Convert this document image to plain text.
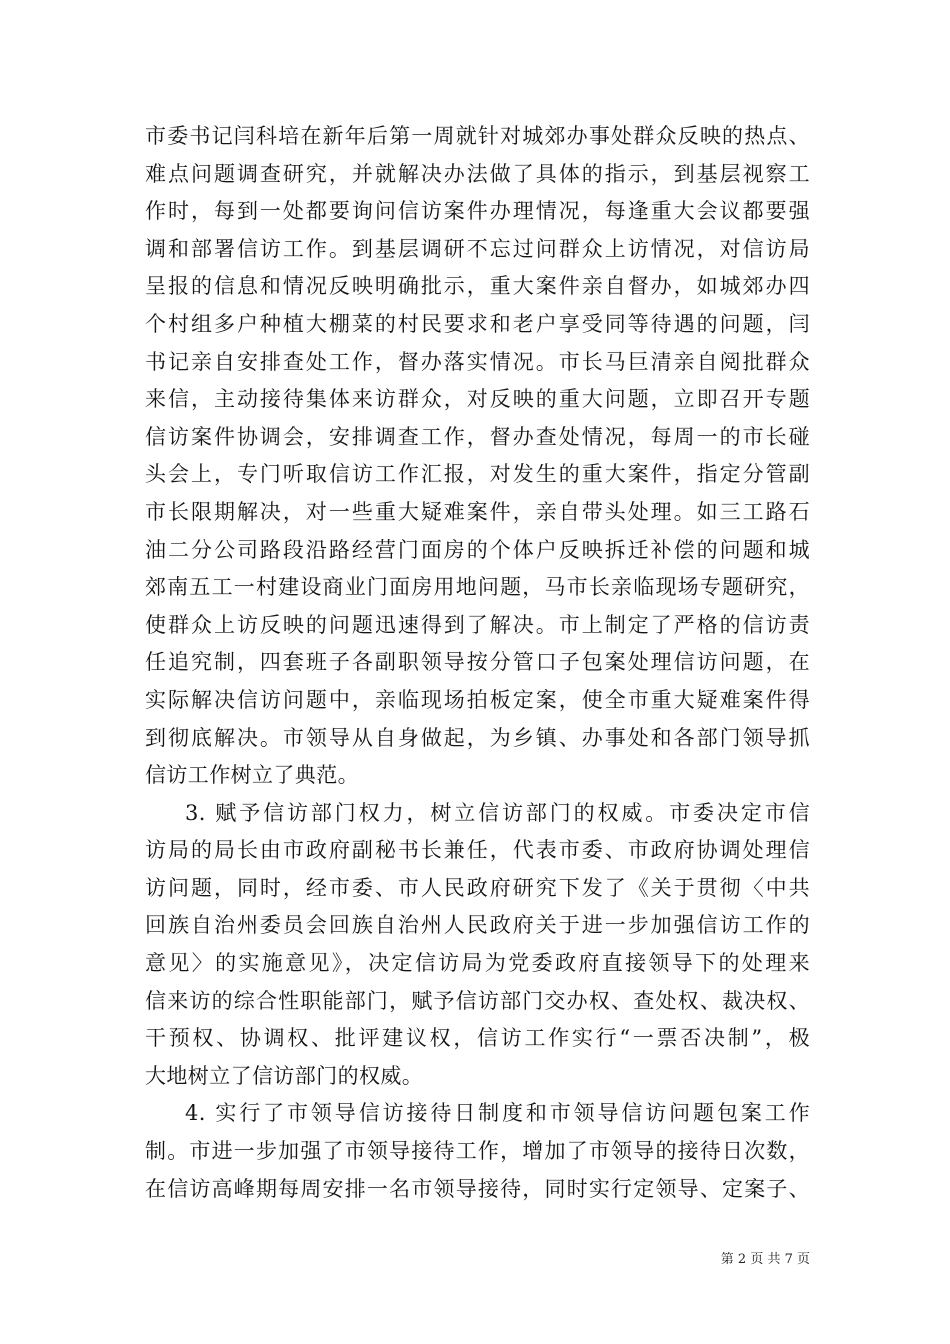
市委书记闫科培在新年后第一周就针对城郊办事处群众反映的热点、
难点问题调查研究，并就解决办法做了具体的指示，到基层视察工
作时，每到一处都要询问信访案件办理情况，每逢重大会议都要强
调和部署信访工作。到基层调研不忘过问群众上访情况，对信访局
呈报的信息和情况反映明确批示，重大案件亲自督办，如城郊办四
个村组多户种植大棚菜的村民要求和老户享受同等待遇的问题，闫
书记亲自安排查处工作，督办落实情况。市长马巨清亲自阅批群众
来信，主动接待集体来访群众，对反映的重大问题，立即召开专题
信访案件协调会，安排调查工作，督办查处情况，每周一的市长碰
头会上，专门听取信访工作汇报，对发生的重大案件，指定分管副
市长限期解决，对一些重大疑难案件，亲自带头处理。如三工路石
油二分公司路段沿路经营门面房的个体户反映拆迁补偿的问题和城
郊南五工一村建设商业门面房用地问题，马市长亲临现场专题研究，
使群众上访反映的问题迅速得到了解决。市上制定了严格的信访责
任追究制，四套班子各副职领导按分管口子包案处理信访问题，在
实际解决信访问题中，亲临现场拍板定案，使全市重大疑难案件得
到彻底解决。市领导从自身做起，为乡镇、办事处和各部门领导抓
信访工作树立了典范。
3. 赋予信访部门权力，树立信访部门的权威。市委决定市信
访局的局长由市政府副秘书长兼任，代表市委、市政府协调处理信
访问题，同时，经市委、市人民政府研究下发了《关于贯彻〈中共
回族自治州委员会回族自治州人民政府关于进一步加强信访工作的
意见〉的实施意见》，决定信访局为党委政府直接领导下的处理来
信来访的综合性职能部门，赋予信访部门交办权、查处权、裁决权、
干预权、协调权、批评建议权，信访工作实行“一票否决制”，极
大地树立了信访部门的权威。
4. 实行了市领导信访接待日制度和市领导信访问题包案工作
制。市进一步加强了市领导接待工作，增加了市领导的接待日次数，
在信访高峰期每周安排一名市领导接待，同时实行定领导、定案子、
第 2 页 共 7 页
